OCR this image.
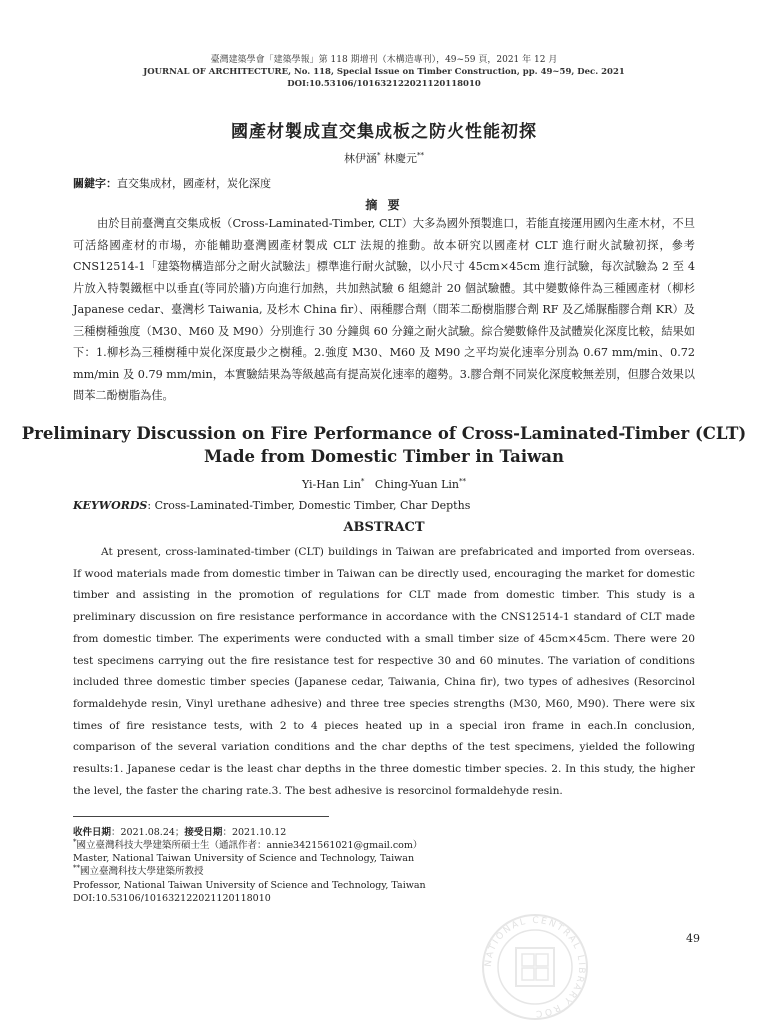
臺灣建築學會「建築學報」第 118 期增刊（木構造專刊），49~59 頁，2021 年 12 月
JOURNAL OF ARCHITECTURE, No. 118, Special Issue on Timber Construction, pp. 49~59, Dec. 2021
DOI:10.53106/101632122021120118010
國產材製成直交集成板之防火性能初探
林伊涵* 林慶元**
關鍵字：直交集成材，國產材，炭化深度
摘 要

由於目前臺灣直交集成板（Cross-Laminated-Timber, CLT）大多為國外預製進口，若能直接運用國內生產木材，不旦可活絡國產材的市場，亦能輔助臺灣國產材製成 CLT 法規的推動。故本研究以國產材 CLT 進行耐火試驗初探，參考 CNS12514-1「建築物構造部分之耐火試驗法」標準進行耐火試驗，以小尺寸 45cm×45cm 進行試驗，每次試驗為 2 至 4 片放入特製鐵框中以垂直(等同於牆)方向進行加熱，共加熱試驗 6 組總計 20 個試驗體。其中變數條件為三種國產材（柳杉 Japanese cedar、臺灣杉 Taiwania, 及杉木 China fir）、兩種膠合劑（間苯二酚樹脂膠合劑 RF 及乙烯脲酯膠合劑 KR）及三種樹種強度（M30、M60 及 M90）分別進行 30 分鐘與 60 分鐘之耐火試驗。綜合變數條件及試體炭化深度比較，結果如下：1.柳杉為三種樹種中炭化深度最少之樹種。2.強度 M30、M60 及 M90 之平均炭化速率分別為 0.67 mm/min、0.72 mm/min 及 0.79 mm/min，本實驗結果為等級越高有提高炭化速率的趨勢。3.膠合劑不同炭化深度較無差別，但膠合效果以間苯二酚樹脂為佳。

Preliminary Discussion on Fire Performance of Cross-Laminated-Timber (CLT)
Made from Domestic Timber in Taiwan
Yi-Han Lin* Ching-Yuan Lin**
KEYWORDS: Cross-Laminated-Timber, Domestic Timber, Char Depths
ABSTRACT

At present, cross-laminated-timber (CLT) buildings in Taiwan are prefabricated and imported from overseas. If wood materials made from domestic timber in Taiwan can be directly used, encouraging the market for domestic timber and assisting in the promotion of regulations for CLT made from domestic timber. This study is a preliminary discussion on fire resistance performance in accordance with the CNS12514-1 standard of CLT made from domestic timber. The experiments were conducted with a small timber size of 45cm×45cm. There were 20 test specimens carrying out the fire resistance test for respective 30 and 60 minutes. The variation of conditions included three domestic timber species (Japanese cedar, Taiwania, China fir), two types of adhesives (Resorcinol formaldehyde resin, Vinyl urethane adhesive) and three tree species strengths (M30, M60, M90). There were six times of fire resistance tests, with 2 to 4 pieces heated up in a special iron frame in each.In conclusion, comparison of the several variation conditions and the char depths of the test specimens, yielded the following results:1. Japanese cedar is the least char depths in the three domestic timber species. 2. In this study, the higher the level, the faster the charing rate.3. The best adhesive is resorcinol formaldehyde resin.

收件日期：2021.08.24；接受日期：2021.10.12
*國立臺灣科技大學建築所碩士生（通訊作者：annie3421561021@gmail.com）
Master, National Taiwan University of Science and Technology, Taiwan
**國立臺灣科技大學建築所教授
Professor, National Taiwan University of Science and Technology, Taiwan
DOI:10.53106/101632122021120118010
49
NATIONAL CENTRAL LIBRARY ROC
